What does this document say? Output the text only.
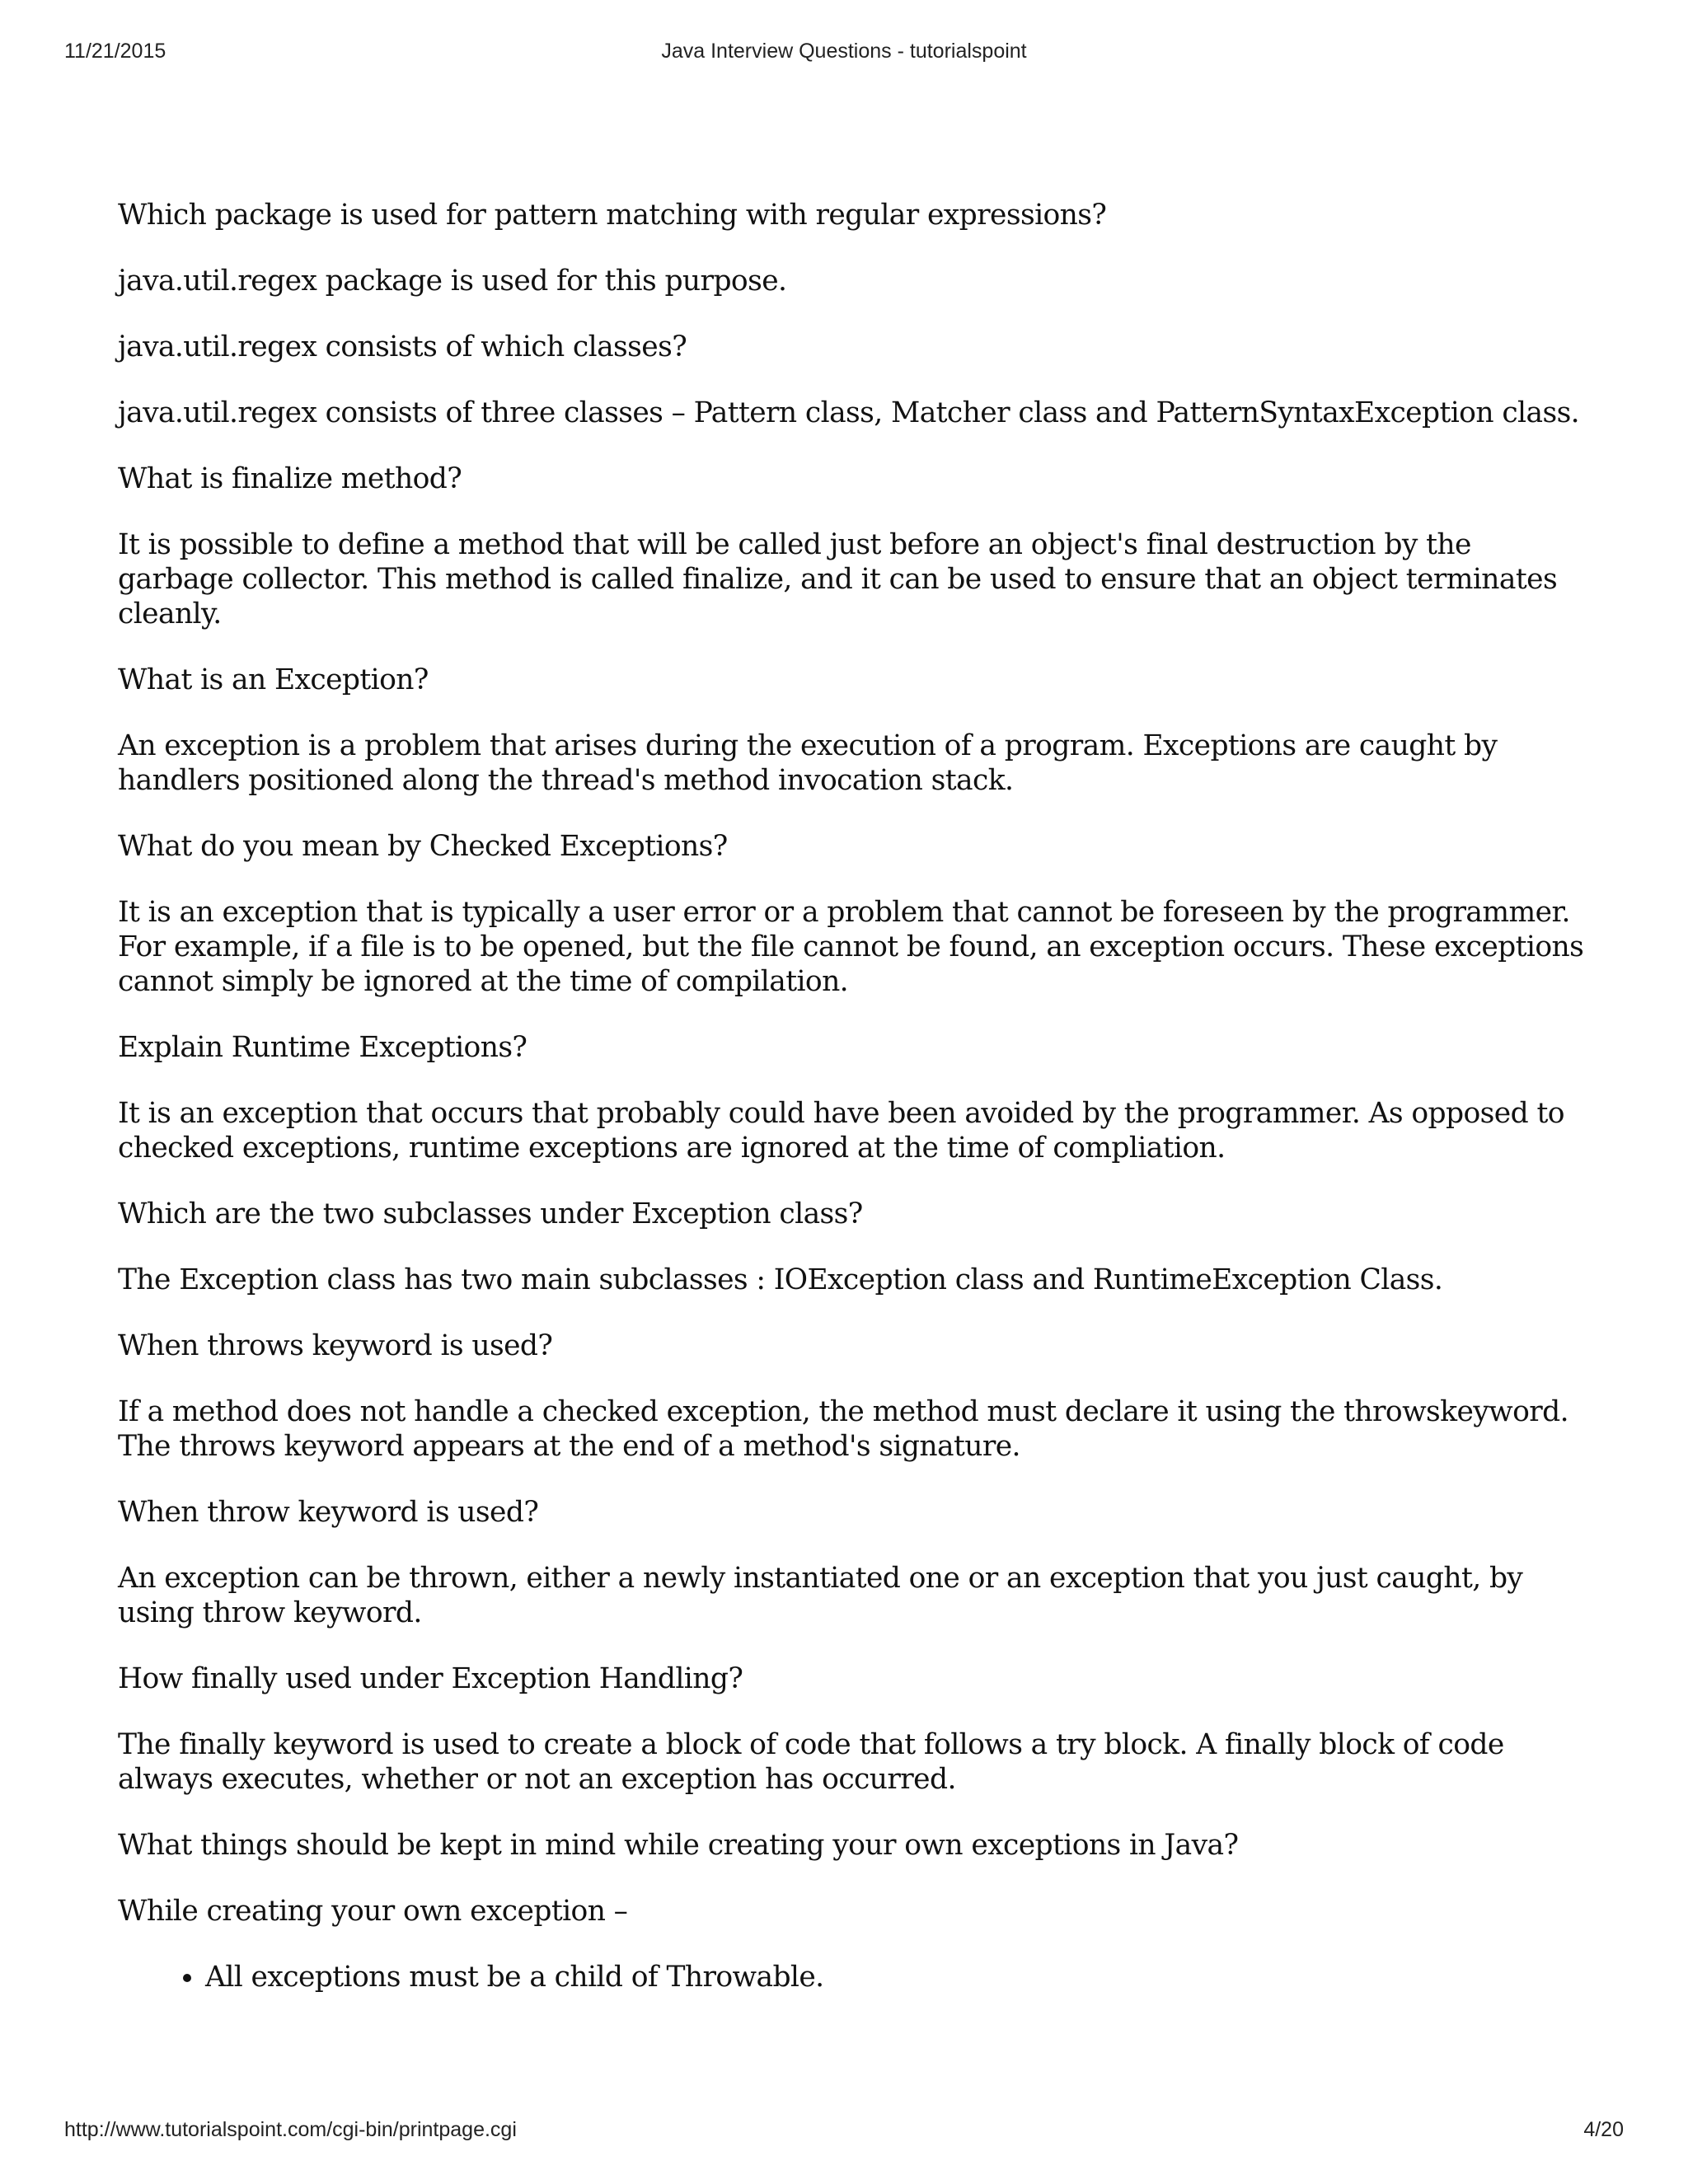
11/21/2015	Java Interview Questions - tutorialspoint

Which package is used for pattern matching with regular expressions?

java.util.regex package is used for this purpose.

java.util.regex consists of which classes?

java.util.regex consists of three classes – Pattern class, Matcher class and PatternSyntaxException class.

What is finalize method?

It is possible to define a method that will be called just before an object's final destruction by the garbage collector. This method is called finalize, and it can be used to ensure that an object terminates cleanly.

What is an Exception?

An exception is a problem that arises during the execution of a program. Exceptions are caught by handlers positioned along the thread's method invocation stack.

What do you mean by Checked Exceptions?

It is an exception that is typically a user error or a problem that cannot be foreseen by the programmer. For example, if a file is to be opened, but the file cannot be found, an exception occurs. These exceptions cannot simply be ignored at the time of compilation.

Explain Runtime Exceptions?

It is an exception that occurs that probably could have been avoided by the programmer. As opposed to checked exceptions, runtime exceptions are ignored at the time of compliation.

Which are the two subclasses under Exception class?

The Exception class has two main subclasses : IOException class and RuntimeException Class.

When throws keyword is used?

If a method does not handle a checked exception, the method must declare it using the throwskeyword. The throws keyword appears at the end of a method's signature.

When throw keyword is used?

An exception can be thrown, either a newly instantiated one or an exception that you just caught, by using throw keyword.

How finally used under Exception Handling?

The finally keyword is used to create a block of code that follows a try block. A finally block of code always executes, whether or not an exception has occurred.

What things should be kept in mind while creating your own exceptions in Java?

While creating your own exception –

• All exceptions must be a child of Throwable.
http://www.tutorialspoint.com/cgi-bin/printpage.cgi	4/20
